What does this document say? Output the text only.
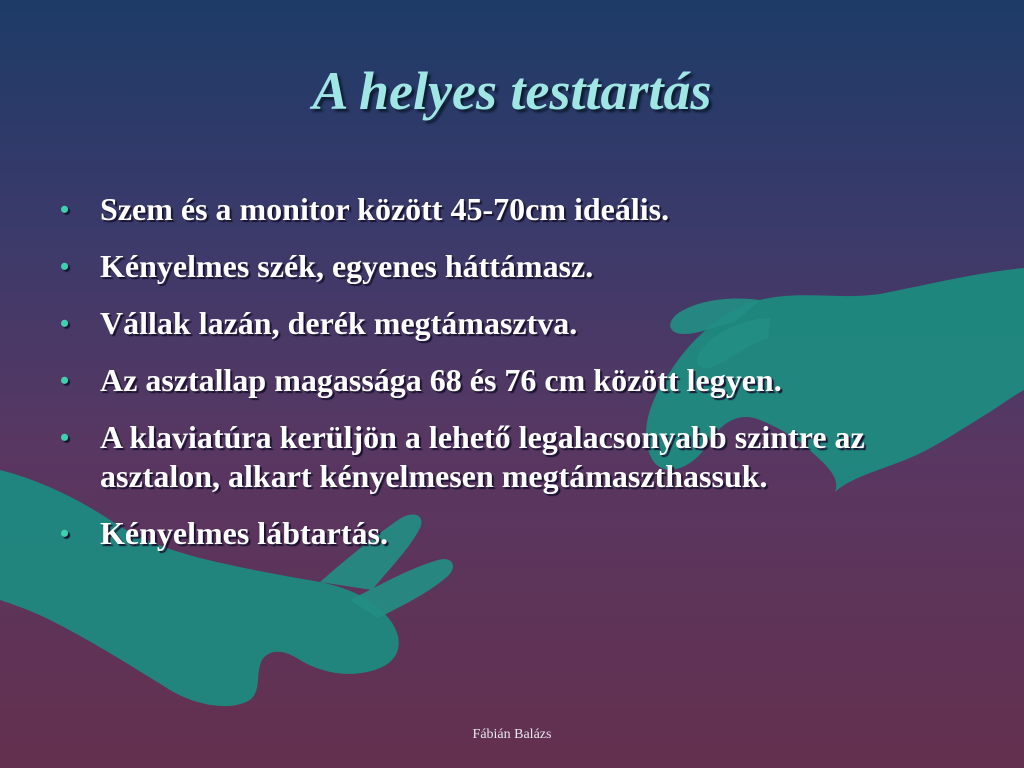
A helyes testtartás
• Szem és a monitor között 45-70cm ideális.
• Kényelmes szék, egyenes háttámasz.
• Vállak lazán, derék megtámasztva.
• Az asztallap magassága 68 és 76 cm között legyen.
• A klaviatúra kerüljön a lehető legalacsonyabb szintre az asztalon, alkart kényelmesen megtámaszthassuk.
• Kényelmes lábtartás.

Fábián Balázs
